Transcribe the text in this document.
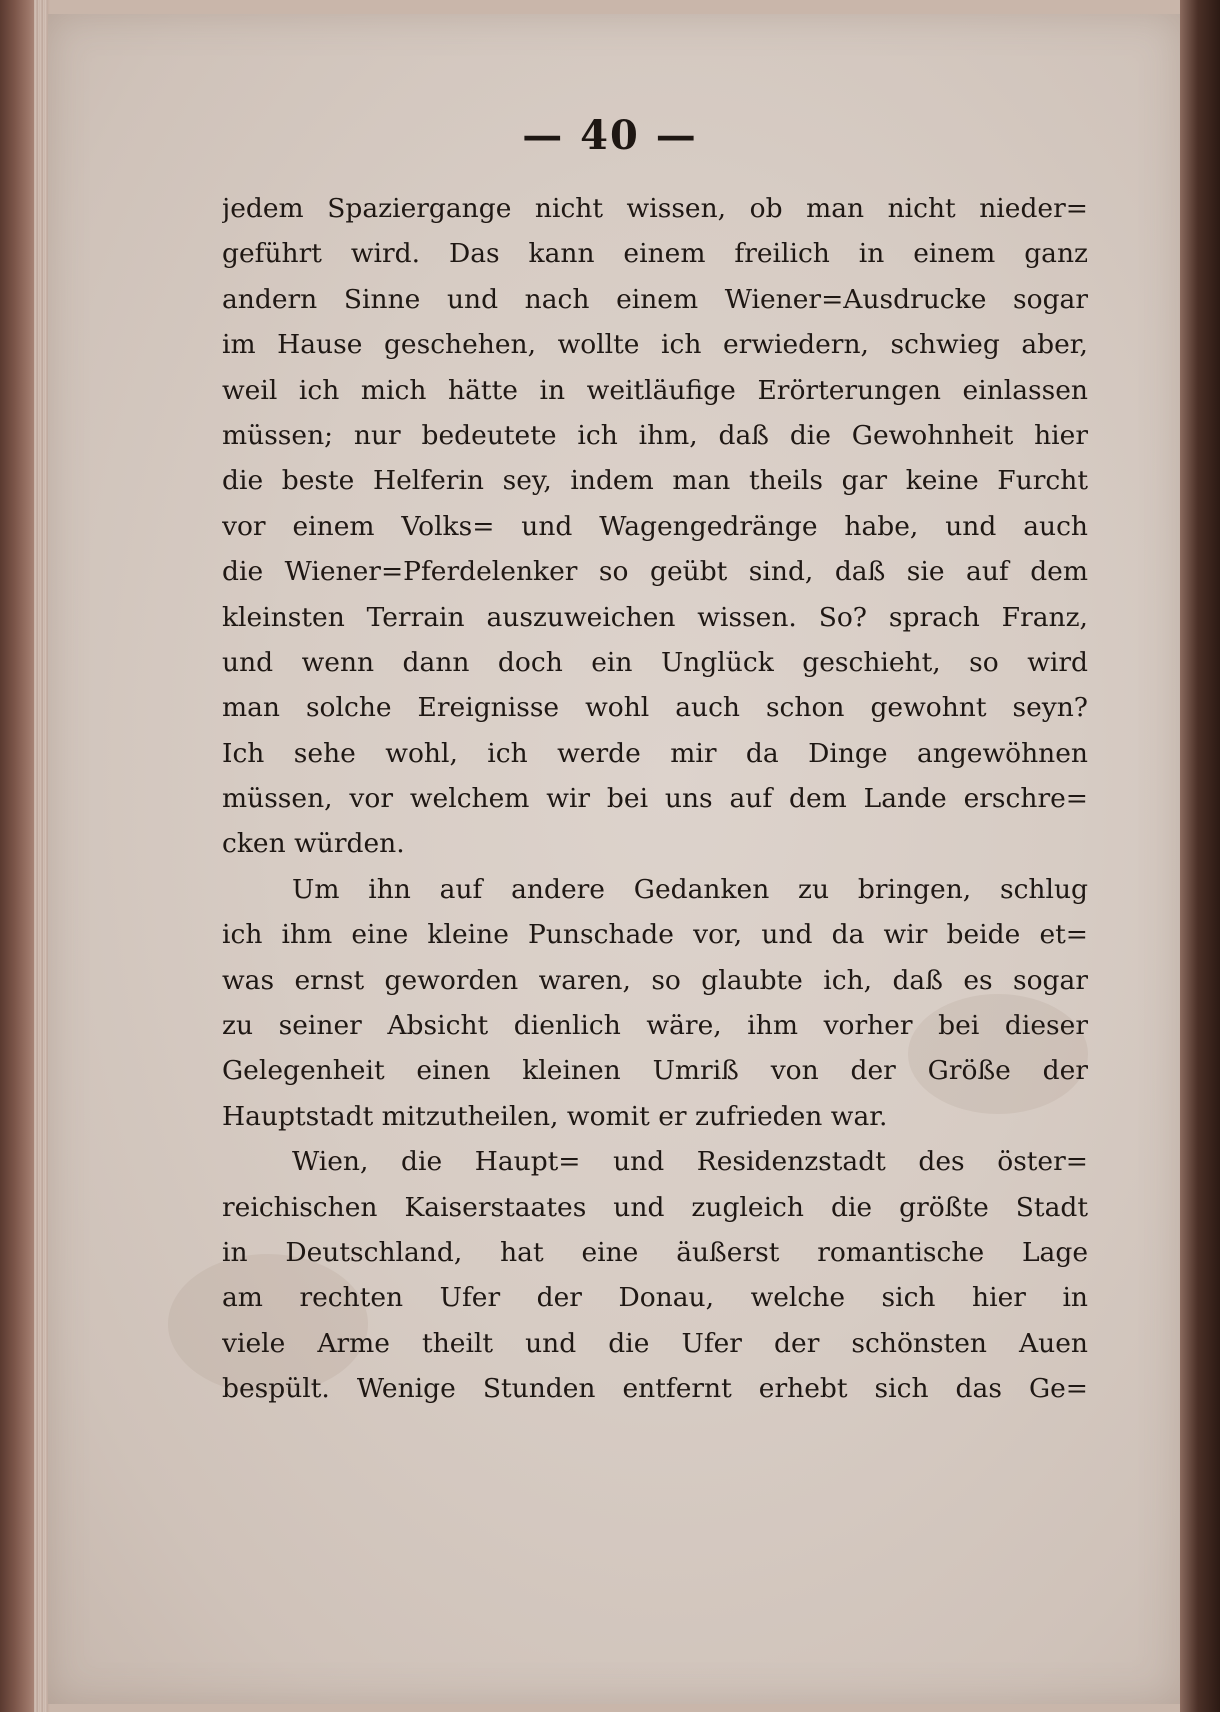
— 40 —
jedem Spaziergange nicht wissen, ob man nicht nieder=
geführt wird. Das kann einem freilich in einem ganz
andern Sinne und nach einem Wiener=Ausdrucke sogar
im Hause geschehen, wollte ich erwiedern, schwieg aber,
weil ich mich hätte in weitläufige Erörterungen einlassen
müssen; nur bedeutete ich ihm, daß die Gewohnheit hier
die beste Helferin sey, indem man theils gar keine Furcht
vor einem Volks= und Wagengedränge habe, und auch
die Wiener=Pferdelenker so geübt sind, daß sie auf dem
kleinsten Terrain auszuweichen wissen. So? sprach Franz,
und wenn dann doch ein Unglück geschieht, so wird
man solche Ereignisse wohl auch schon gewohnt seyn?
Ich sehe wohl, ich werde mir da Dinge angewöhnen
müssen, vor welchem wir bei uns auf dem Lande erschre=
cken würden.
Um ihn auf andere Gedanken zu bringen, schlug
ich ihm eine kleine Punschade vor, und da wir beide et=
was ernst geworden waren, so glaubte ich, daß es sogar
zu seiner Absicht dienlich wäre, ihm vorher bei dieser
Gelegenheit einen kleinen Umriß von der Größe der
Hauptstadt mitzutheilen, womit er zufrieden war.
Wien, die Haupt= und Residenzstadt des öster=
reichischen Kaiserstaates und zugleich die größte Stadt
in Deutschland, hat eine äußerst romantische Lage
am rechten Ufer der Donau, welche sich hier in
viele Arme theilt und die Ufer der schönsten Auen
bespült. Wenige Stunden entfernt erhebt sich das Ge=
